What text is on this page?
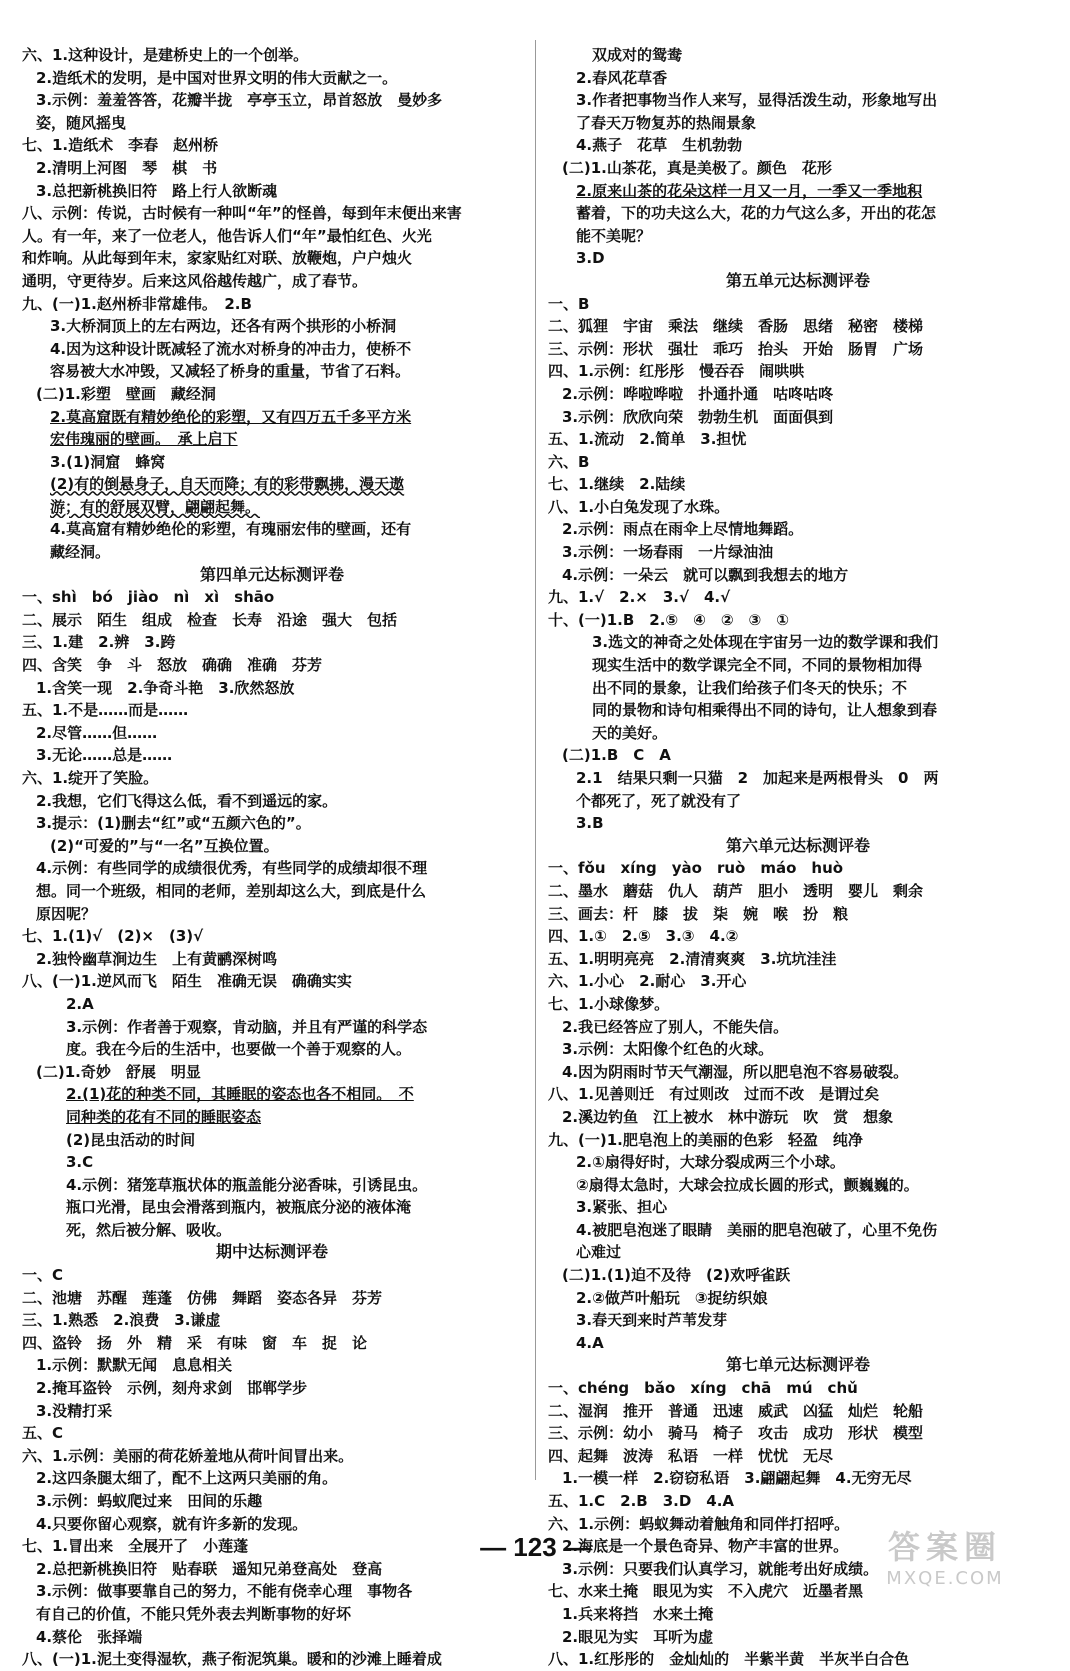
六、1.这种设计，是建桥史上的一个创举。
2.造纸术的发明，是中国对世界文明的伟大贡献之一。
3.示例：羞羞答答，花瓣半拢　亭亭玉立，昂首怒放　曼妙多
姿，随风摇曳
七、1.造纸术　李春　赵州桥
2.清明上河图　琴　棋　书
3.总把新桃换旧符　路上行人欲断魂
八、示例：传说，古时候有一种叫“年”的怪兽，每到年末便出来害
人。有一年，来了一位老人，他告诉人们“年”最怕红色、火光
和炸响。从此每到年末，家家贴红对联、放鞭炮，户户烛火
通明，守更待岁。后来这风俗越传越广，成了春节。
九、(一)1.赵州桥非常雄伟。　2.B
3.大桥洞顶上的左右两边，还各有两个拱形的小桥洞
4.因为这种设计既减轻了流水对桥身的冲击力，使桥不
容易被大水冲毁，又减轻了桥身的重量，节省了石料。
(二)1.彩塑　壁画　藏经洞
2.莫高窟既有精妙绝伦的彩塑，又有四万五千多平方米
宏伟瑰丽的壁画。　承上启下
3.(1)洞窟　蜂窝
(2)有的倒悬身子，自天而降；有的彩带飘拂，漫天遨
游；有的舒展双臂，翩翩起舞。
4.莫高窟有精妙绝伦的彩塑，有瑰丽宏伟的壁画，还有
藏经洞。
第四单元达标测评卷
一、shì　bó　jiào　nì　xì　shāo
二、展示　陌生　组成　检查　长寿　沿途　强大　包括
三、1.建　2.辨　3.跨
四、含笑　争　斗　怒放　确确　准确　芬芳
1.含笑一现　2.争奇斗艳　3.欣然怒放
五、1.不是……而是……
2.尽管……但……
3.无论……总是……
六、1.绽开了笑脸。
2.我想，它们飞得这么低，看不到遥远的家。
3.提示：(1)删去“红”或“五颜六色的”。
(2)“可爱的”与“一名”互换位置。
4.示例：有些同学的成绩很优秀，有些同学的成绩却很不理
想。同一个班级，相同的老师，差别却这么大，到底是什么
原因呢？
七、1.(1)√　(2)×　(3)√
2.独怜幽草涧边生　上有黄鹂深树鸣
八、(一)1.逆风而飞　陌生　准确无误　确确实实
2.A
3.示例：作者善于观察，肯动脑，并且有严谨的科学态
度。我在今后的生活中，也要做一个善于观察的人。
(二)1.奇妙　舒展　明显
2.(1)花的种类不同，其睡眠的姿态也各不相同。　不
同种类的花有不同的睡眠姿态
(2)昆虫活动的时间
3.C
4.示例：猪笼草瓶状体的瓶盖能分泌香味，引诱昆虫。
瓶口光滑，昆虫会滑落到瓶内，被瓶底分泌的液体淹
死，然后被分解、吸收。
期中达标测评卷
一、C
二、池塘　苏醒　莲蓬　仿佛　舞蹈　姿态各异　芬芳
三、1.熟悉　2.浪费　3.谦虚
四、盗铃　扬　外　精　采　有味　窗　车　捉　论
1.示例：默默无闻　息息相关
2.掩耳盗铃　示例，刻舟求剑　邯郸学步
3.没精打采
五、C
六、1.示例：美丽的荷花娇羞地从荷叶间冒出来。
2.这四条腿太细了，配不上这两只美丽的角。
3.示例：蚂蚁爬过来　田间的乐趣
4.只要你留心观察，就有许多新的发现。
七、1.冒出来　全展开了　小莲蓬
2.总把新桃换旧符　贴春联　遥知兄弟登高处　登高
3.示例：做事要靠自己的努力，不能有侥幸心理　事物各
有自己的价值，不能只凭外表去判断事物的好坏
4.蔡伦　张择端
八、(一)1.泥土变得湿软，燕子衔泥筑巢。暖和的沙滩上睡着成
双成对的鸳鸯
2.春风花草香
3.作者把事物当作人来写，显得活泼生动，形象地写出
了春天万物复苏的热闹景象
4.燕子　花草　生机勃勃
(二)1.山茶花，真是美极了。颜色　花形
2.原来山茶的花朵这样一月又一月，一季又一季地积
蓄着，下的功夫这么大，花的力气这么多，开出的花怎
能不美呢？
3.D
第五单元达标测评卷
一、B
二、狐狸　宇宙　乘法　继续　香肠　思绪　秘密　楼梯
三、示例：形状　强壮　乖巧　抬头　开始　肠胃　广场
四、1.示例：红彤彤　慢吞吞　闹哄哄
2.示例：哗啦哗啦　扑通扑通　咕咚咕咚
3.示例：欣欣向荣　勃勃生机　面面俱到
五、1.流动　2.简单　3.担忧
六、B
七、1.继续　2.陆续
八、1.小白兔发现了水珠。
2.示例：雨点在雨伞上尽情地舞蹈。
3.示例：一场春雨　一片绿油油
4.示例：一朵云　就可以飘到我想去的地方
九、1.√　2.×　3.√　4.√
十、(一)1.B　2.⑤　④　②　③　①
3.选文的神奇之处体现在宇宙另一边的数学课和我们
现实生活中的数学课完全不同，不同的景物相加得
出不同的景象，让我们给孩子们冬天的快乐；不
同的景物和诗句相乘得出不同的诗句，让人想象到春
天的美好。
(二)1.B　C　A
2.1　结果只剩一只猫　2　加起来是两根骨头　0　两
个都死了，死了就没有了
3.B
第六单元达标测评卷
一、fǒu　xíng　yào　ruò　máo　huò
二、墨水　蘑菇　仇人　葫芦　胆小　透明　婴儿　剩余
三、画去：杆　膝　拔　柒　婉　喉　扮　粮
四、1.①　2.⑤　3.③　4.②
五、1.明明亮亮　2.清清爽爽　3.坑坑洼洼
六、1.小心　2.耐心　3.开心
七、1.小球像梦。
2.我已经答应了别人，不能失信。
3.示例：太阳像个红色的火球。
4.因为阴雨时节天气潮湿，所以肥皂泡不容易破裂。
八、1.见善则迁　有过则改　过而不改　是谓过矣
2.溪边钓鱼　江上被水　林中游玩　吹　赏　想象
九、(一)1.肥皂泡上的美丽的色彩　轻盈　纯净
2.①扇得好时，大球分裂成两三个小球。
②扇得太急时，大球会拉成长圆的形式，颤巍巍的。
3.紧张、担心
4.被肥皂泡迷了眼睛　美丽的肥皂泡破了，心里不免伤
心难过
(二)1.(1)迫不及待　(2)欢呼雀跃
2.②做芦叶船玩　③捉纺织娘
3.春天到来时芦苇发芽
4.A
第七单元达标测评卷
一、chéng　bǎo　xíng　chā　mú　chǔ
二、湿润　推开　普通　迅速　威武　凶猛　灿烂　轮船
三、示例：幼小　骑马　椅子　攻击　成功　形状　模型
四、起舞　波涛　私语　一样　忧忧　无尽
1.一模一样　2.窃窃私语　3.翩翩起舞　4.无穷无尽
五、1.C　2.B　3.D　4.A
六、1.示例：蚂蚁舞动着触角和同伴打招呼。
2.海底是一个景色奇异、物产丰富的世界。
3.示例：只要我们认真学习，就能考出好成绩。
七、水来土掩　眼见为实　不入虎穴　近墨者黑
1.兵来将挡　水来土掩
2.眼见为实　耳听为虚
八、1.红彤彤的　金灿灿的　半紫半黄　半灰半白合色
— 123 —	答案圈
MXQE.COM
